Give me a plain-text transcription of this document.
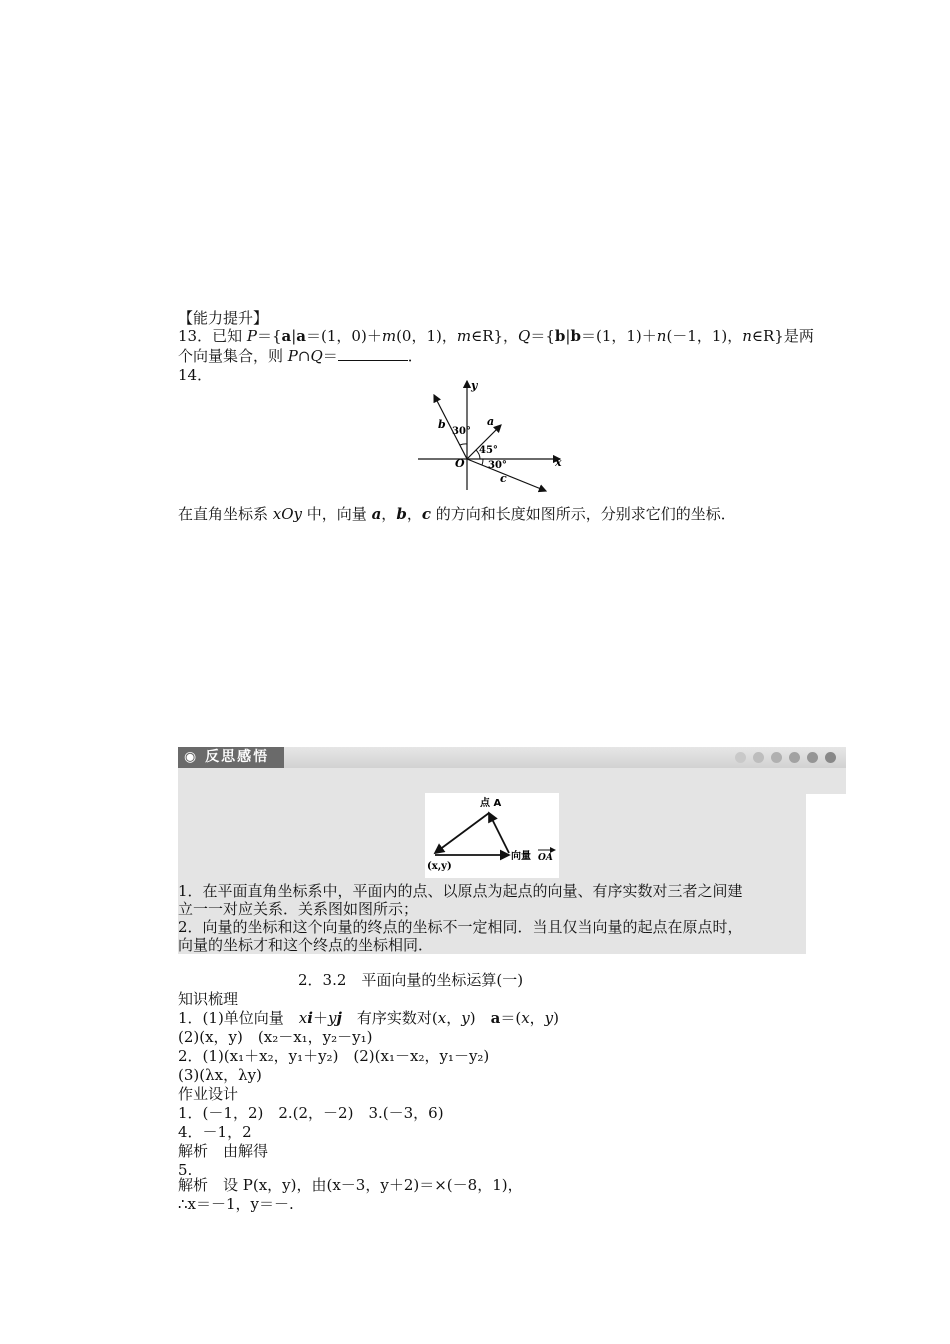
【能力提升】
13．已知 P＝{a|a＝(1，0)＋m(0，1)，m∈R}，Q＝{b|b＝(1，1)＋n(－1，1)，n∈R}是两
个向量集合，则 P∩Q＝	．
14．
x
y
O
a
b
c
30°
45°
30°
在直角坐标系 xOy 中，向量 a，b，c 的方向和长度如图所示，分别求它们的坐标．
◉ 反思感悟
点 A
(x,y)
向量 OA
1．在平面直角坐标系中，平面内的点、以原点为起点的向量、有序实数对三者之间建
立一一对应关系．关系图如图所示；
2．向量的坐标和这个向量的终点的坐标不一定相同．当且仅当向量的起点在原点时，
向量的坐标才和这个终点的坐标相同．
2．3.2　平面向量的坐标运算(一)
知识梳理
1．(1)单位向量　xi＋yj　有序实数对(x，y)　a＝(x，y)
(2)(x，y)　(x₂－x₁，y₂－y₁)
2．(1)(x₁＋x₂，y₁＋y₂)　(2)(x₁－x₂，y₁－y₂)
(3)(λx，λy)
作业设计
1．(－1，2)　2.(2，－2)　3.(－3，6)
4．－1，2
解析　由解得
5.
解析　设 P(x，y)，由(x－3，y＋2)＝×(－8，1)，
∴x＝－1，y＝－.
